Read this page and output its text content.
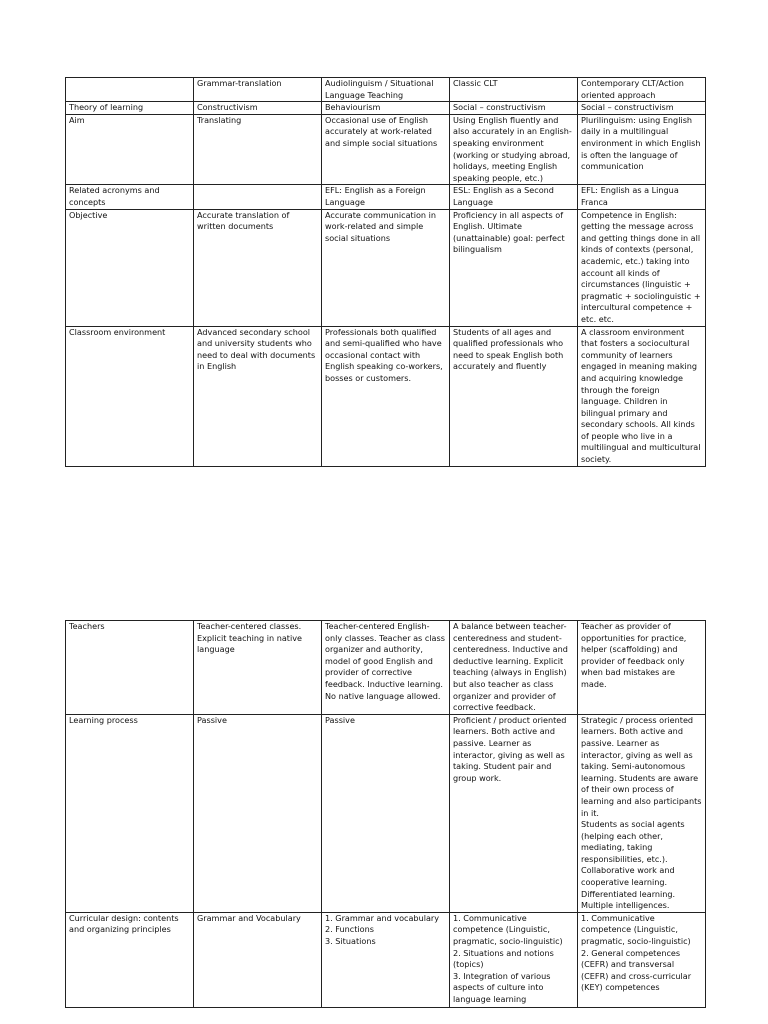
	Grammar-translation	Audiolinguism / Situational Language Teaching	Classic CLT	Contemporary CLT/Action oriented approach

Theory of learning	Constructivism	Behaviourism	Social – constructivism	Social – constructivism

Aim	Translating	Occasional use of English accurately at work-related and simple social situations	Using English fluently and also accurately in an English-speaking environment (working or studying abroad, holidays, meeting English speaking people, etc.)	Plurilinguism: using English daily in a multilingual environment in which English is often the language of communication

Related acronyms and concepts		EFL: English as a Foreign Language	ESL: English as a Second Language	EFL: English as a Lingua Franca

Objective	Accurate translation of written documents	Accurate communication in work-related and simple social situations	Proficiency in all aspects of English. Ultimate (unattainable) goal: perfect bilingualism	Competence in English: getting the message across and getting things done in all kinds of contexts (personal, academic, etc.) taking into account all kinds of circumstances (linguistic + pragmatic + sociolinguistic + intercultural competence + etc. etc.

Classroom environment	Advanced secondary school and university students who need to deal with documents in English	Professionals both qualified and semi-qualified who have occasional contact with English speaking co-workers, bosses or customers.	Students of all ages and qualified professionals who need to speak English both accurately and fluently	A classroom environment that fosters a sociocultural community of learners engaged in meaning making and acquiring knowledge through the foreign language. Children in bilingual primary and secondary schools. All kinds of people who live in a multilingual and multicultural society.
Teachers	Teacher-centered classes. Explicit teaching in native language	Teacher-centered English-only classes. Teacher as class organizer and authority, model of good English and provider of corrective feedback. Inductive learning. No native language allowed.	A balance between teacher-centeredness and student-centeredness. Inductive and deductive learning. Explicit teaching (always in English) but also teacher as class organizer and provider of corrective feedback.	Teacher as provider of opportunities for practice, helper (scaffolding) and provider of feedback only when bad mistakes are made.

Learning process	Passive	Passive	Proficient / product oriented learners. Both active and passive. Learner as interactor, giving as well as taking. Student pair and group work.	Strategic / process oriented learners. Both active and passive. Learner as interactor, giving as well as taking. Semi-autonomous learning. Students are aware of their own process of learning and also participants in it.
Students as social agents (helping each other, mediating, taking responsibilities, etc.).
Collaborative work and cooperative learning.
Differentiated learning.
Multiple intelligences.

Curricular design: contents and organizing principles	Grammar and Vocabulary	1. Grammar and vocabulary
2. Functions
3. Situations	1. Communicative competence (Linguistic, pragmatic, socio-linguistic)
2. Situations and notions (topics)
3. Integration of various aspects of culture into language learning	1. Communicative competence (Linguistic, pragmatic, socio-linguistic)
2. General competences (CEFR) and transversal (CEFR) and cross-curricular (KEY) competences
